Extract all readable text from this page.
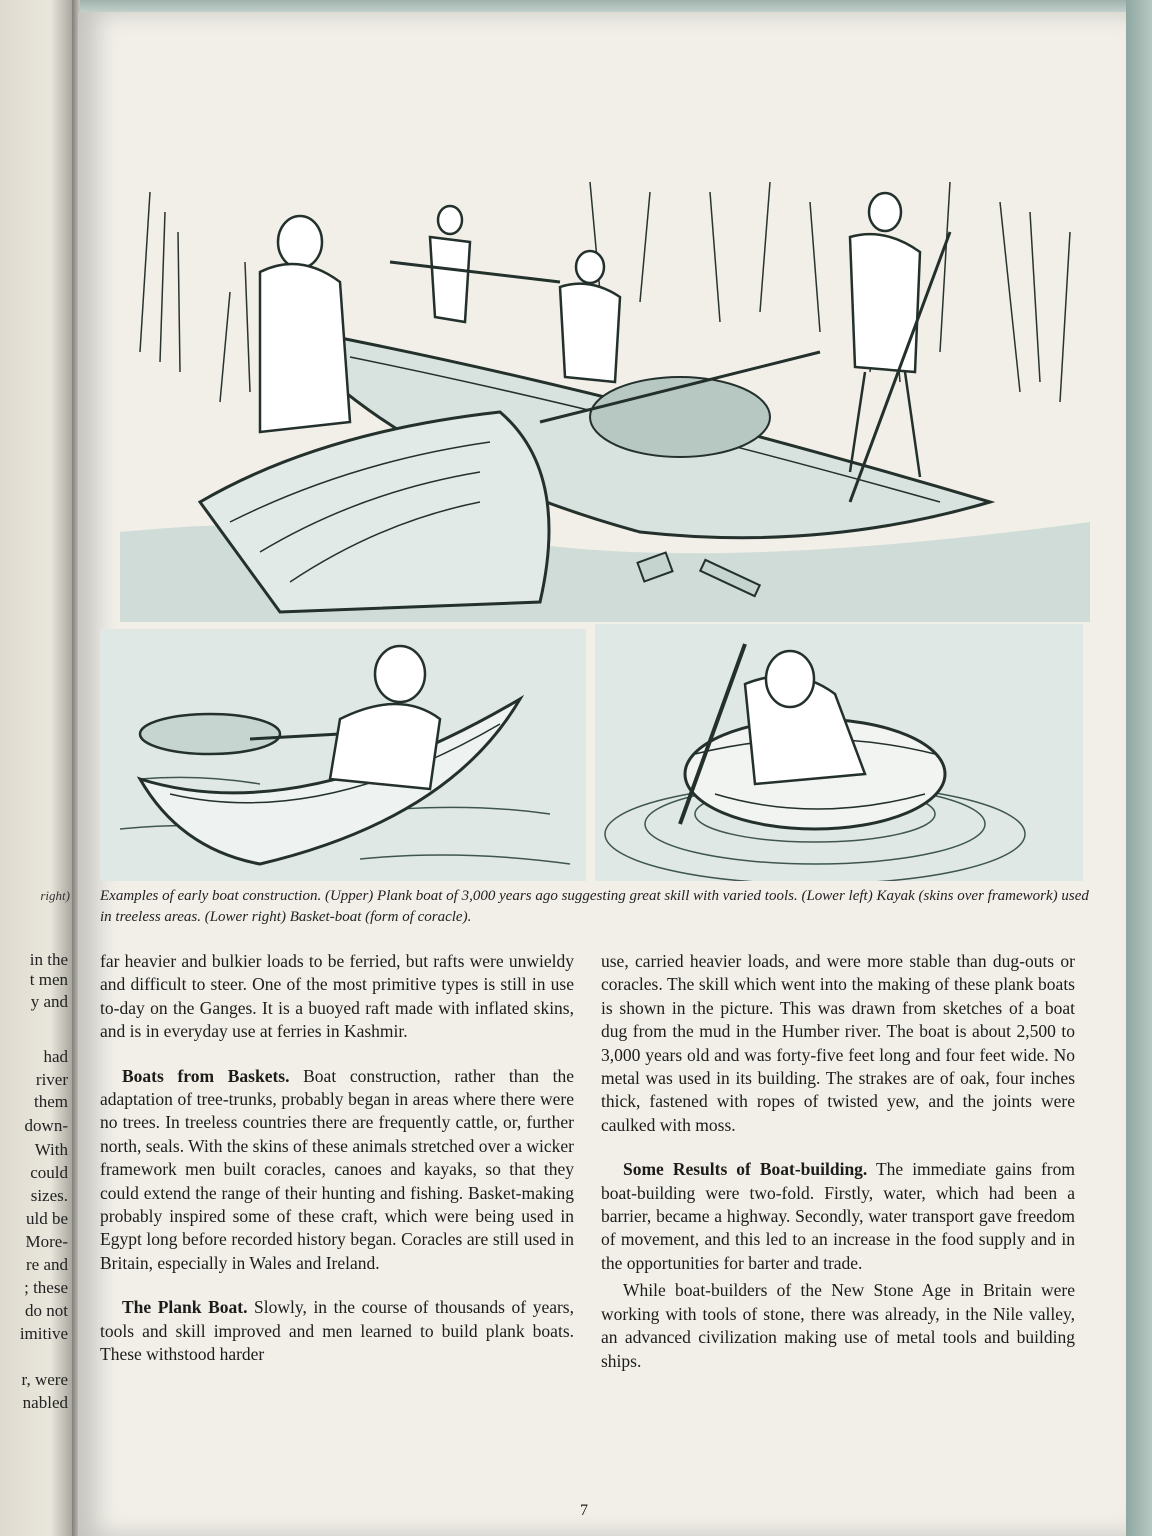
right)
in the
t men
y and
had
river
them
down-
With
could
sizes.
uld be
More-
re and
; these
do not
imitive
r, were
nabled
Examples of early boat construction. (Upper) Plank boat of 3,000 years ago suggesting great skill with varied tools. (Lower left) Kayak (skins over framework) used in treeless areas. (Lower right) Basket-boat (form of coracle).

far heavier and bulkier loads to be ferried, but rafts were unwieldy and difficult to steer. One of the most primitive types is still in use to-day on the Ganges. It is a buoyed raft made with inflated skins, and is in everyday use at ferries in Kashmir.

Boats from Baskets. Boat construction, rather than the adaptation of tree-trunks, probably began in areas where there were no trees. In treeless countries there are frequently cattle, or, further north, seals. With the skins of these animals stretched over a wicker framework men built coracles, canoes and kayaks, so that they could extend the range of their hunting and fishing. Basket-making probably inspired some of these craft, which were being used in Egypt long before recorded history began. Coracles are still used in Britain, especially in Wales and Ireland.

The Plank Boat. Slowly, in the course of thousands of years, tools and skill improved and men learned to build plank boats. These withstood harder

use, carried heavier loads, and were more stable than dug-outs or coracles. The skill which went into the making of these plank boats is shown in the picture. This was drawn from sketches of a boat dug from the mud in the Humber river. The boat is about 2,500 to 3,000 years old and was forty-five feet long and four feet wide. No metal was used in its building. The strakes are of oak, four inches thick, fastened with ropes of twisted yew, and the joints were caulked with moss.

Some Results of Boat-building. The immediate gains from boat-building were two-fold. Firstly, water, which had been a barrier, became a highway. Secondly, water transport gave freedom of movement, and this led to an increase in the food supply and in the opportunities for barter and trade.

While boat-builders of the New Stone Age in Britain were working with tools of stone, there was already, in the Nile valley, an advanced civilization making use of metal tools and building ships.

7
